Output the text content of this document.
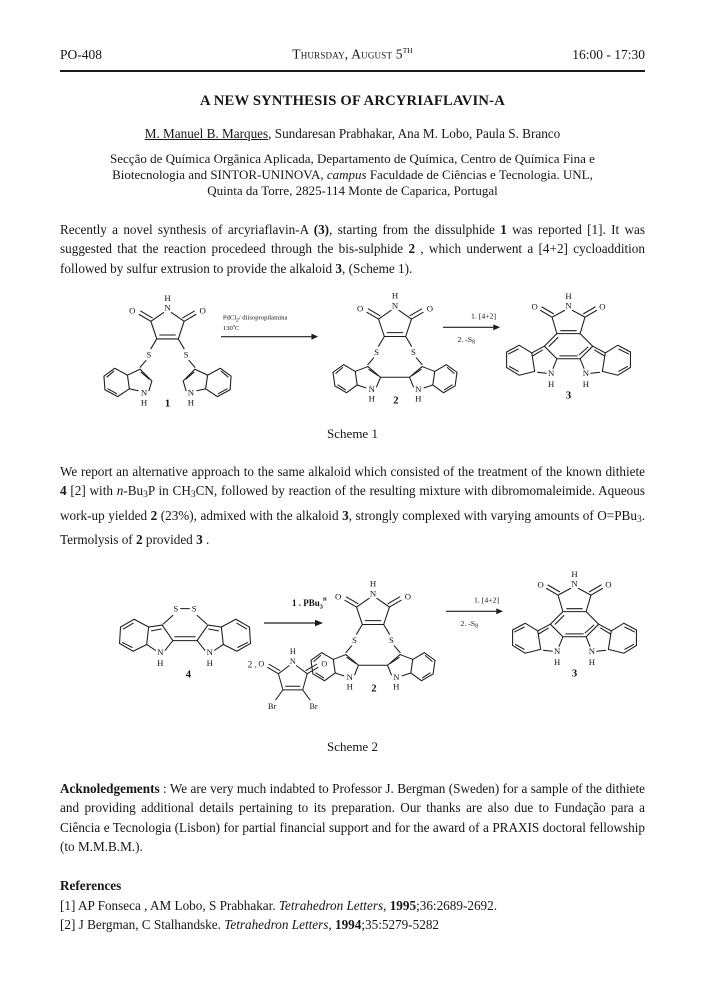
PO-408	Thursday, August 5TH	16:00 - 17:30
A NEW SYNTHESIS OF ARCYRIAFLAVIN-A
M. Manuel B. Marques, Sundaresan Prabhakar, Ana M. Lobo, Paula S. Branco
Secção de Química Orgânica Aplicada, Departamento de Química, Centro de Química Fina e
Biotecnologia and SINTOR-UNINOVA, campus Faculdade de Ciências e Tecnologia. UNL,
Quinta da Torre, 2825-114 Monte de Caparica, Portugal

Recently a novel synthesis of arcyriaflavin-A (3), starting from the dissulphide 1 was reported [1]. It was suggested that the reaction procedeed through the bis-sulphide 2 , which underwent a [4+2] cycloaddition followed by sulfur extrusion to provide the alkaloid 3, (Scheme 1).

H
N	O
O
S	S
N
H
N
H
1
PdCl$_2$/ diisopropilamina
130ºC
H
N	O
O
S	S
N
H
N
H
2
1. [4+2]
2. $-S_8$
H
N	O
O
N
H
N
H
3
Scheme 1

We report an alternative approach to the same alkaloid which consisted of the treatment of the known dithiete 4 [2] with n-Bu3P in CH3CN, followed by reaction of the resulting mixture with dibromomaleimide. Aqueous work-up yielded 2 (23%), admixed with the alkaloid 3, strongly complexed with varying amounts of O=PBu3. Termolysis of 2 provided 3 .

S S
N
H
N
H
4
1 . PBu$_3^n$
2 .
H
N	O
O
Br	Br
H
N	O
O
S	S
N
H
N
H
2
1. [4+2]
2. $-S_8$
H
N	O
O
N
H
N
H
3
Scheme 2

Acknoledgements : We are very much indabted to Professor J. Bergman (Sweden) for a sample of the dithiete and providing additional details pertaining to its preparation. Our thanks are also due to Fundação para a Ciência e Tecnologia (Lisbon) for partial financial support and for the award of a PRAXIS doctoral fellowship (to M.M.B.M.).

References
[1] AP Fonseca , AM Lobo, S Prabhakar. Tetrahedron Letters, 1995;36:2689-2692.
[2] J Bergman, C Stalhandske. Tetrahedron Letters, 1994;35:5279-5282
